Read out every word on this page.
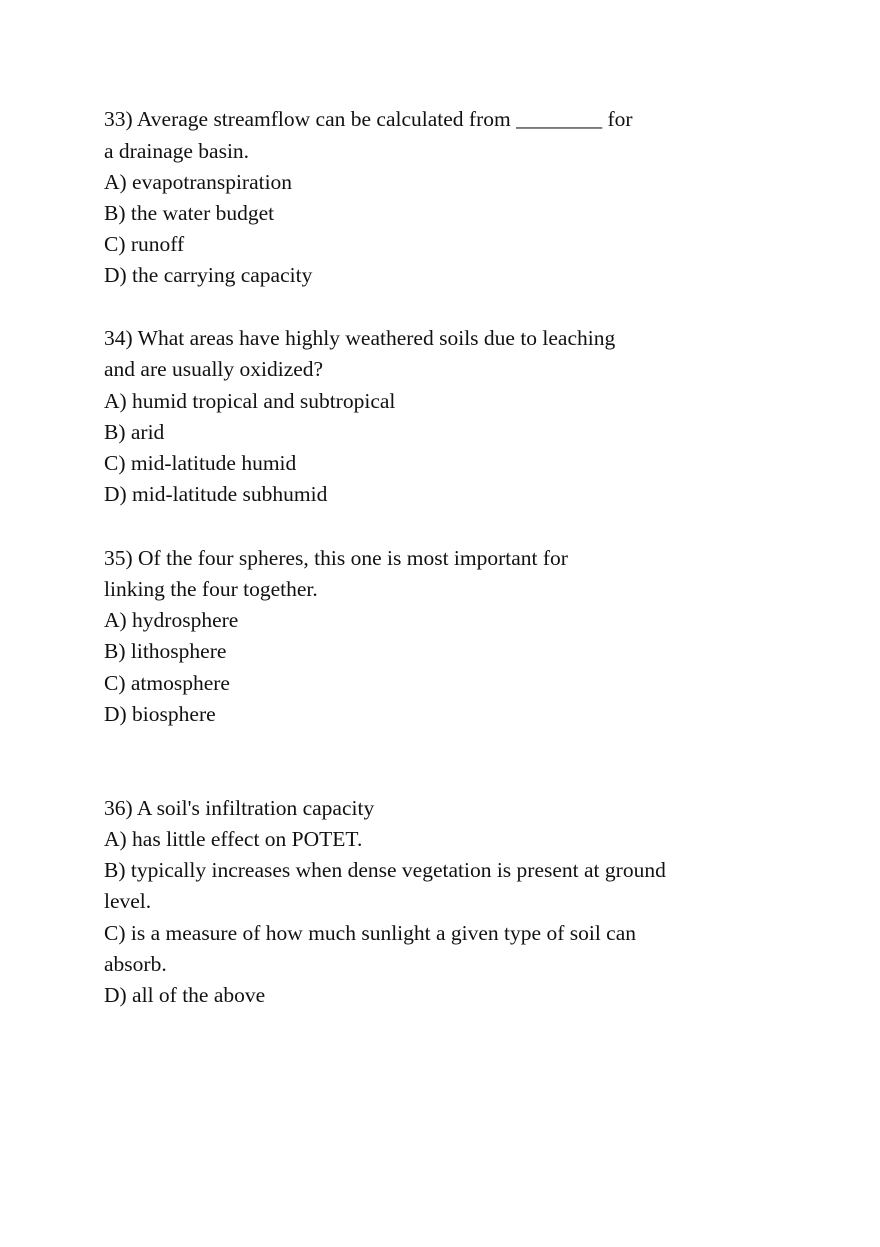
33) Average streamflow can be calculated from ________ for
a drainage basin.
A) evapotranspiration
B) the water budget
C) runoff
D) the carrying capacity
34) What areas have highly weathered soils due to leaching
and are usually oxidized?
A) humid tropical and subtropical
B) arid
C) mid-latitude humid
D) mid-latitude subhumid
35) Of the four spheres, this one is most important for
linking the four together.
A) hydrosphere
B) lithosphere
C) atmosphere
D) biosphere
36) A soil's infiltration capacity
A) has little effect on POTET.
B) typically increases when dense vegetation is present at ground
level.
C) is a measure of how much sunlight a given type of soil can
absorb.
D) all of the above
